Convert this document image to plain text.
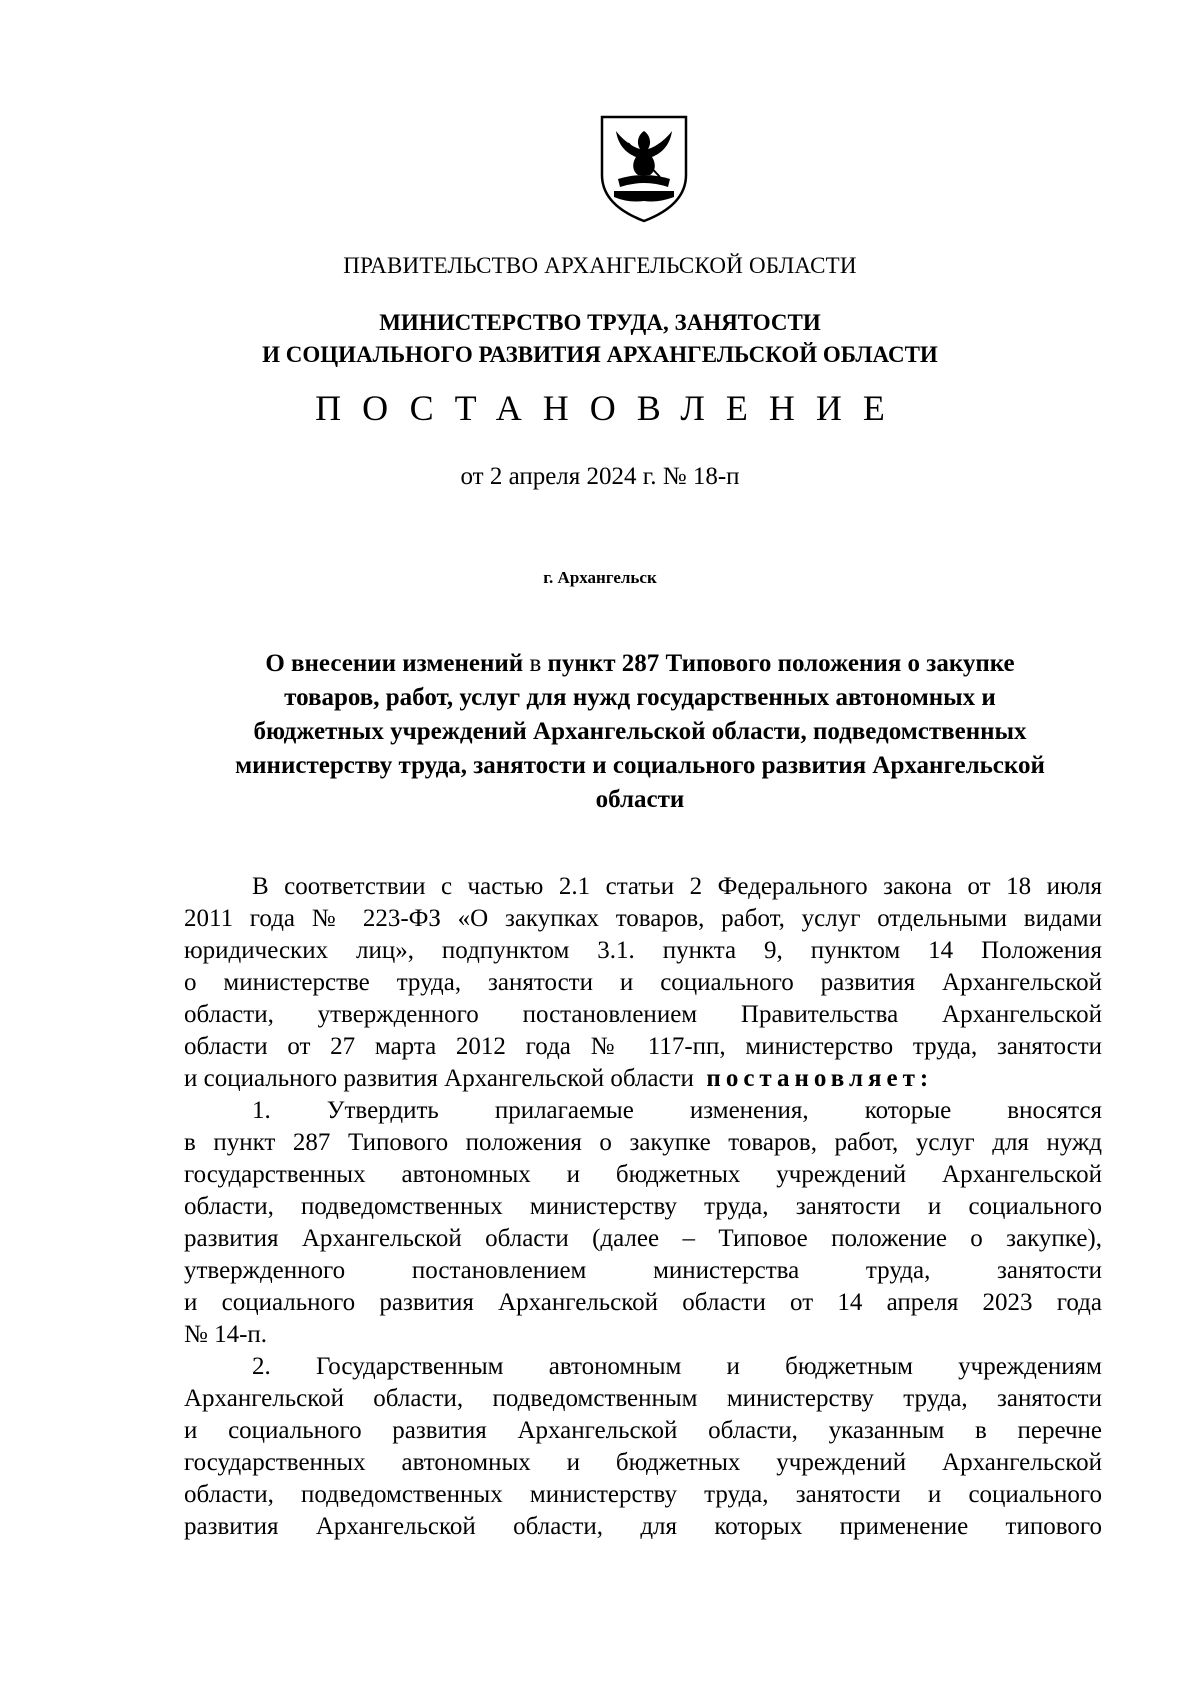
ПРАВИТЕЛЬСТВО АРХАНГЕЛЬСКОЙ ОБЛАСТИ
МИНИСТЕРСТВО ТРУДА, ЗАНЯТОСТИ
И СОЦИАЛЬНОГО РАЗВИТИЯ АРХАНГЕЛЬСКОЙ ОБЛАСТИ
ПОСТАНОВЛЕНИЕ
от 2 апреля 2024 г. № 18-п
г. Архангельск
О внесении изменений в пункт 287 Типового положения о закупке
товаров, работ, услуг для нужд государственных автономных и
бюджетных учреждений Архангельской области, подведомственных
министерству труда, занятости и социального развития Архангельской
области
В соответствии с частью 2.1 статьи 2 Федерального закона от 18 июля
2011 года № 223-ФЗ «О закупках товаров, работ, услуг отдельными видами
юридических лиц», подпунктом 3.1. пункта 9, пунктом 14 Положения
о министерстве труда, занятости и социального развития Архангельской
области, утвержденного постановлением Правительства Архангельской
области от 27 марта 2012 года № 117-пп, министерство труда, занятости
и социального развития Архангельской области постановляет:
1. Утвердить прилагаемые изменения, которые вносятся
в пункт 287 Типового положения о закупке товаров, работ, услуг для нужд
государственных автономных и бюджетных учреждений Архангельской
области, подведомственных министерству труда, занятости и социального
развития Архангельской области (далее – Типовое положение о закупке),
утвержденного постановлением министерства труда, занятости
и социального развития Архангельской области от 14 апреля 2023 года
№ 14-п.
2. Государственным автономным и бюджетным учреждениям
Архангельской области, подведомственным министерству труда, занятости
и социального развития Архангельской области, указанным в перечне
государственных автономных и бюджетных учреждений Архангельской
области, подведомственных министерству труда, занятости и социального
развития Архангельской области, для которых применение типового
